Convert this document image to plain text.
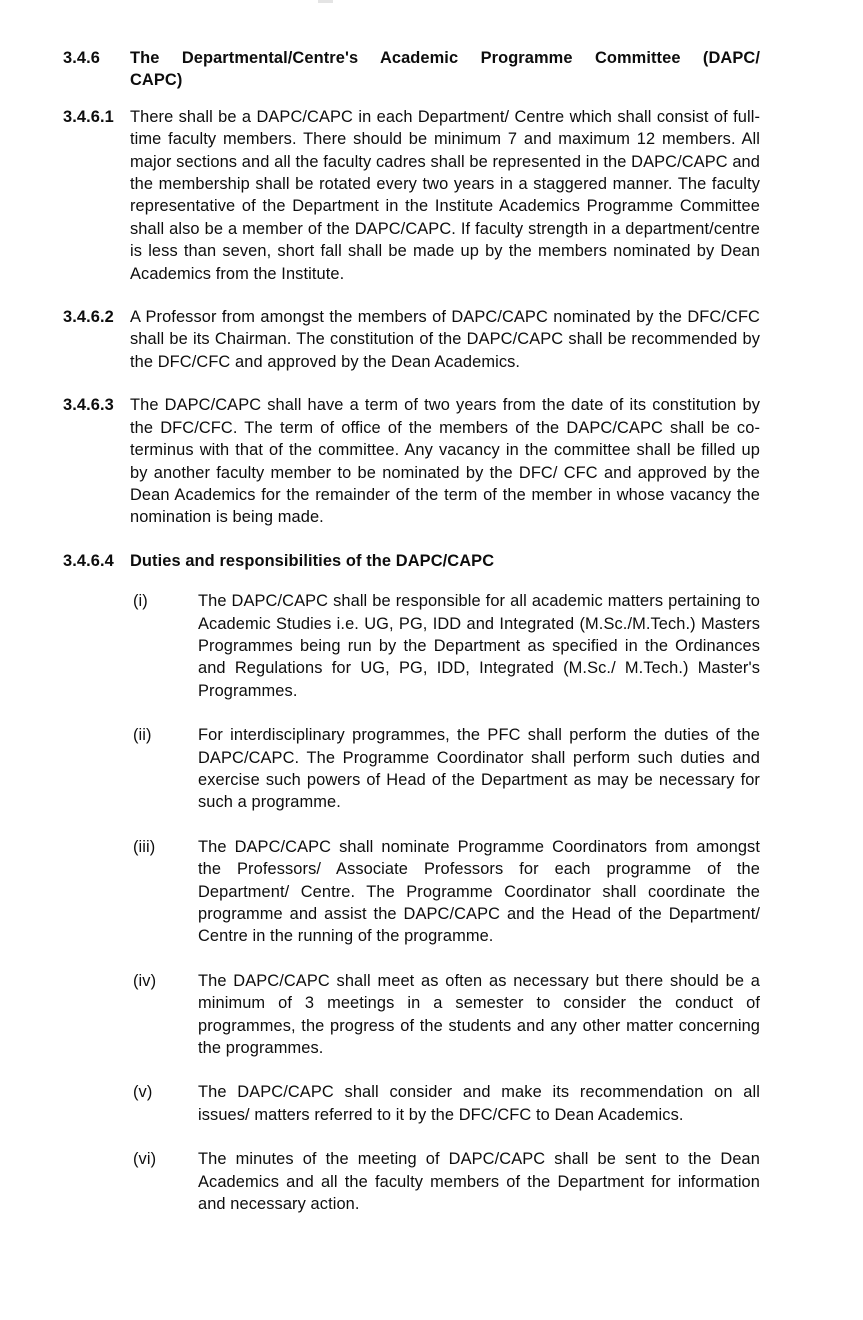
3.4.6	The Departmental/Centre's Academic Programme Committee (DAPC/
CAPC)
3.4.6.1 There shall be a DAPC/CAPC in each Department/ Centre which shall consist of full-time faculty members. There should be minimum 7 and maximum 12 members. All major sections and all the faculty cadres shall be represented in the DAPC/CAPC and the membership shall be rotated every two years in a staggered manner. The faculty representative of the Department in the Institute Academics Programme Committee shall also be a member of the DAPC/CAPC. If faculty strength in a department/centre is less than seven, short fall shall be made up by the members nominated by Dean Academics from the Institute.
3.4.6.2 A Professor from amongst the members of DAPC/CAPC nominated by the DFC/CFC shall be its Chairman. The constitution of the DAPC/CAPC shall be recommended by the DFC/CFC and approved by the Dean Academics.
3.4.6.3 The DAPC/CAPC shall have a term of two years from the date of its constitution by the DFC/CFC. The term of office of the members of the DAPC/CAPC shall be co-terminus with that of the committee. Any vacancy in the committee shall be filled up by another faculty member to be nominated by the DFC/ CFC and approved by the Dean Academics for the remainder of the term of the member in whose vacancy the nomination is being made.
3.4.6.4 Duties and responsibilities of the DAPC/CAPC
(i)	The DAPC/CAPC shall be responsible for all academic matters pertaining to Academic Studies i.e. UG, PG, IDD and Integrated (M.Sc./M.Tech.) Masters Programmes being run by the Department as specified in the Ordinances and Regulations for UG, PG, IDD, Integrated (M.Sc./ M.Tech.) Master's Programmes.
(ii)	For interdisciplinary programmes, the PFC shall perform the duties of the DAPC/CAPC. The Programme Coordinator shall perform such duties and exercise such powers of Head of the Department as may be necessary for such a programme.
(iii)	The DAPC/CAPC shall nominate Programme Coordinators from amongst the Professors/ Associate Professors for each programme of the Department/ Centre. The Programme Coordinator shall coordinate the programme and assist the DAPC/CAPC and the Head of the Department/ Centre in the running of the programme.
(iv)	The DAPC/CAPC shall meet as often as necessary but there should be a minimum of 3 meetings in a semester to consider the conduct of programmes, the progress of the students and any other matter concerning the programmes.
(v)	The DAPC/CAPC shall consider and make its recommendation on all issues/ matters referred to it by the DFC/CFC to Dean Academics.
(vi)	The minutes of the meeting of DAPC/CAPC shall be sent to the Dean Academics and all the faculty members of the Department for information and necessary action.
